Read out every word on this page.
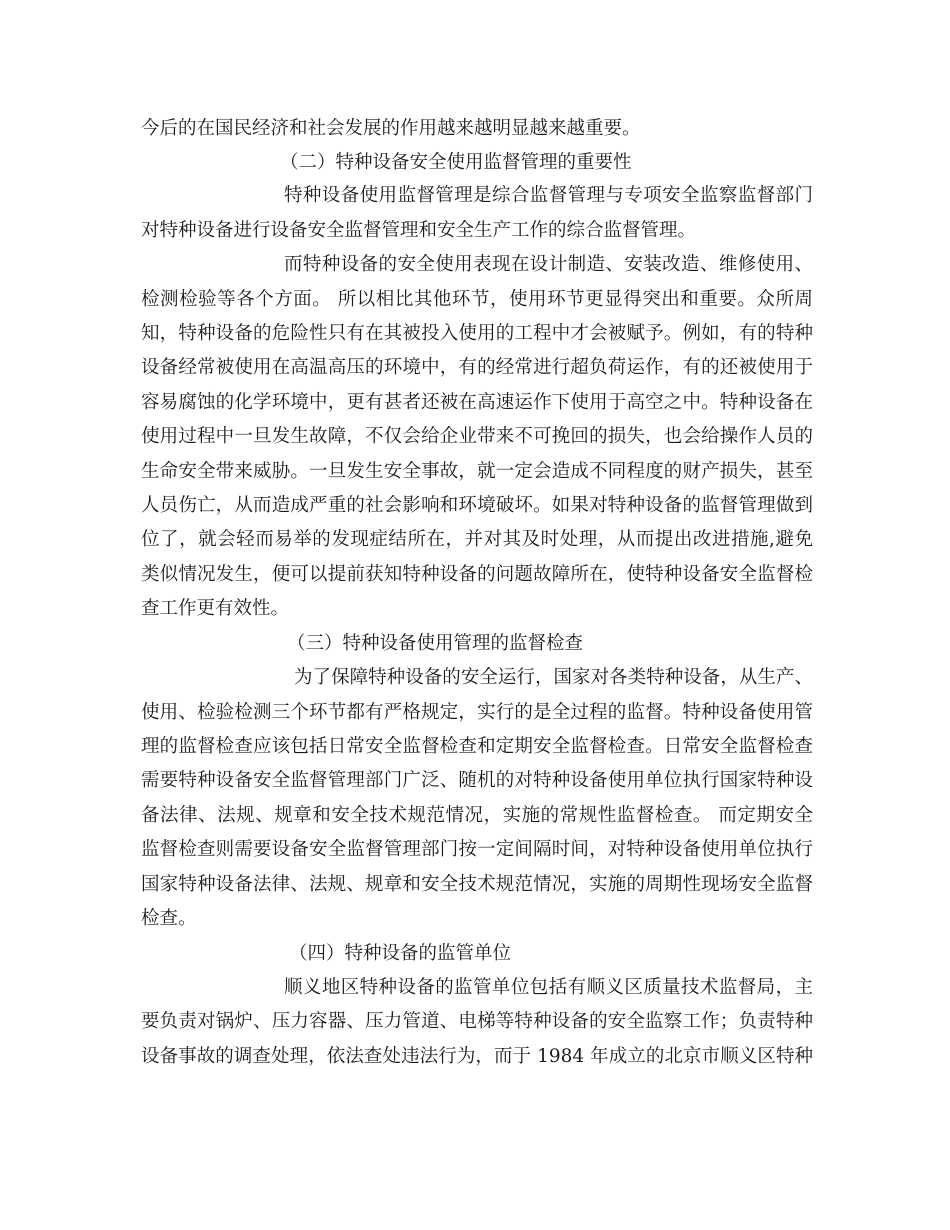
今后的在国民经济和社会发展的作用越来越明显越来越重要。
（二）特种设备安全使用监督管理的重要性
特种设备使用监督管理是综合监督管理与专项安全监察监督部门
对特种设备进行设备安全监督管理和安全生产工作的综合监督管理。
而特种设备的安全使用表现在设计制造、安装改造、维修使用、
检测检验等各个方面。 所以相比其他环节，使用环节更显得突出和重要。众所周
知，特种设备的危险性只有在其被投入使用的工程中才会被赋予。例如，有的特种
设备经常被使用在高温高压的环境中，有的经常进行超负荷运作，有的还被使用于
容易腐蚀的化学环境中，更有甚者还被在高速运作下使用于高空之中。特种设备在
使用过程中一旦发生故障，不仅会给企业带来不可挽回的损失，也会给操作人员的
生命安全带来威胁。一旦发生安全事故，就一定会造成不同程度的财产损失，甚至
人员伤亡，从而造成严重的社会影响和环境破坏。如果对特种设备的监督管理做到
位了，就会轻而易举的发现症结所在，并对其及时处理，从而提出改进措施,避免
类似情况发生，便可以提前获知特种设备的问题故障所在，使特种设备安全监督检
查工作更有效性。
（三）特种设备使用管理的监督检查
为了保障特种设备的安全运行，国家对各类特种设备，从生产、
使用、检验检测三个环节都有严格规定，实行的是全过程的监督。特种设备使用管
理的监督检查应该包括日常安全监督检查和定期安全监督检查。日常安全监督检查
需要特种设备安全监督管理部门广泛、随机的对特种设备使用单位执行国家特种设
备法律、法规、规章和安全技术规范情况，实施的常规性监督检查。 而定期安全
监督检查则需要设备安全监督管理部门按一定间隔时间，对特种设备使用单位执行
国家特种设备法律、法规、规章和安全技术规范情况，实施的周期性现场安全监督
检查。
（四）特种设备的监管单位
顺义地区特种设备的监管单位包括有顺义区质量技术监督局，主
要负责对锅炉、压力容器、压力管道、电梯等特种设备的安全监察工作；负责特种
设备事故的调查处理，依法查处违法行为，而于 1984 年成立的北京市顺义区特种
